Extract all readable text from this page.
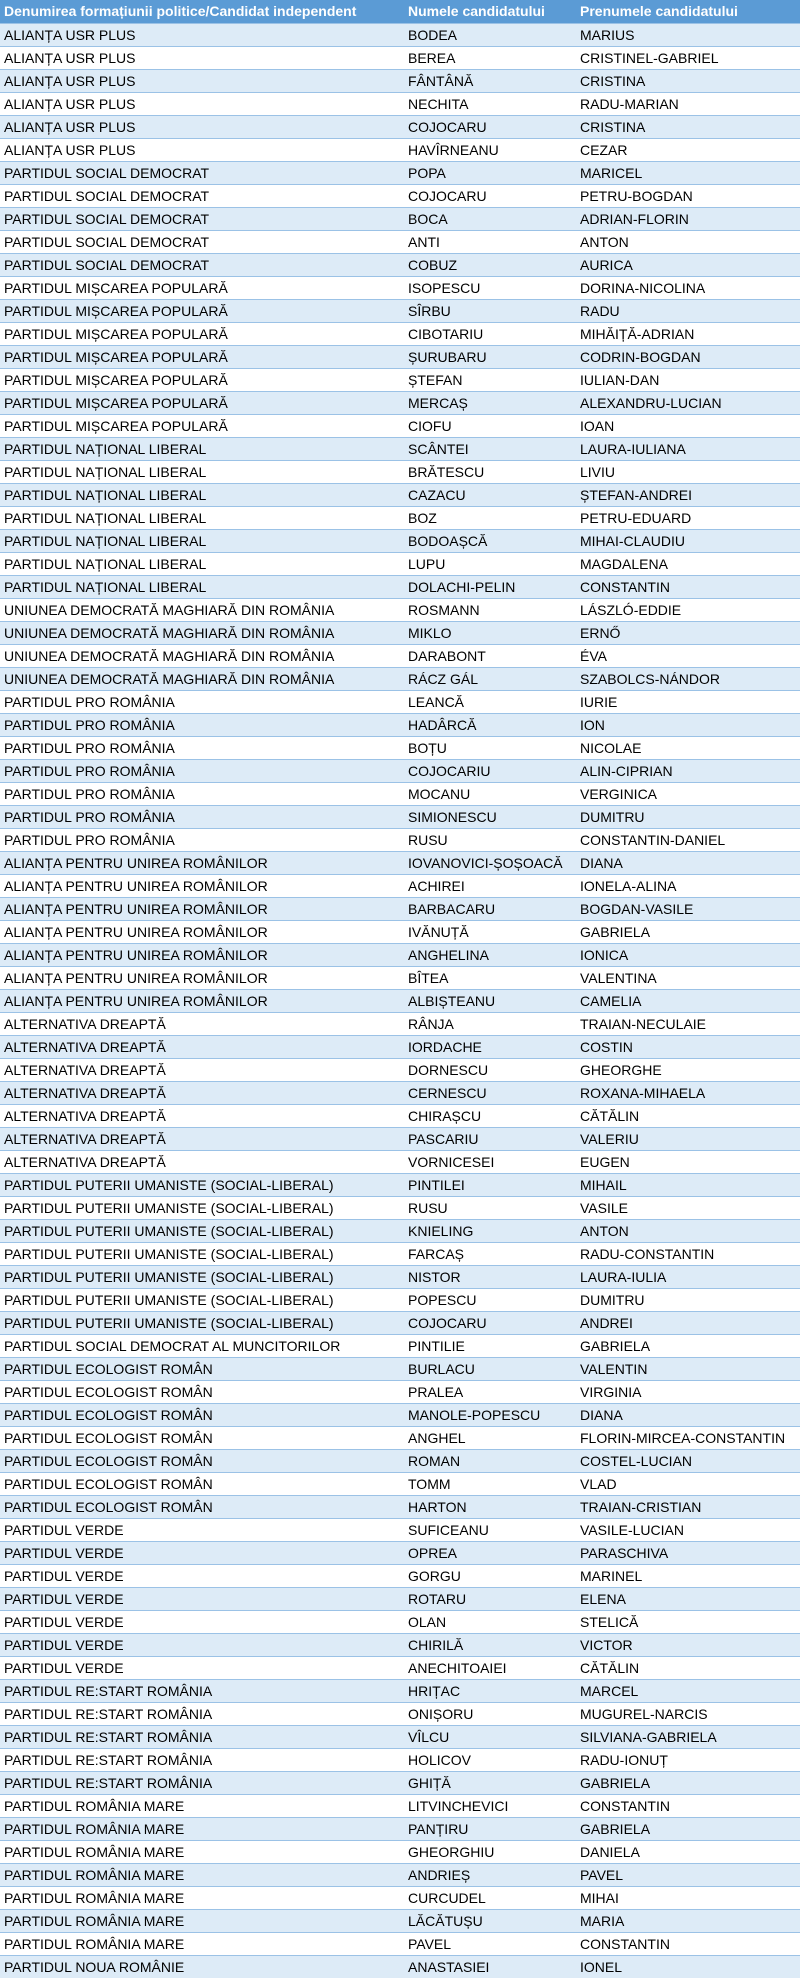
Denumirea formațiunii politice/Candidat independent	Numele candidatului	Prenumele candidatului
ALIANȚA USR PLUS	BODEA	MARIUS
ALIANȚA USR PLUS	BEREA	CRISTINEL-GABRIEL
ALIANȚA USR PLUS	FÂNTÂNĂ	CRISTINA
ALIANȚA USR PLUS	NECHITA	RADU-MARIAN
ALIANȚA USR PLUS	COJOCARU	CRISTINA
ALIANȚA USR PLUS	HAVÎRNEANU	CEZAR
PARTIDUL SOCIAL DEMOCRAT	POPA	MARICEL
PARTIDUL SOCIAL DEMOCRAT	COJOCARU	PETRU-BOGDAN
PARTIDUL SOCIAL DEMOCRAT	BOCA	ADRIAN-FLORIN
PARTIDUL SOCIAL DEMOCRAT	ANTI	ANTON
PARTIDUL SOCIAL DEMOCRAT	COBUZ	AURICA
PARTIDUL MIȘCAREA POPULARĂ	ISOPESCU	DORINA-NICOLINA
PARTIDUL MIȘCAREA POPULARĂ	SÎRBU	RADU
PARTIDUL MIȘCAREA POPULARĂ	CIBOTARIU	MIHĂIȚĂ-ADRIAN
PARTIDUL MIȘCAREA POPULARĂ	ȘURUBARU	CODRIN-BOGDAN
PARTIDUL MIȘCAREA POPULARĂ	ȘTEFAN	IULIAN-DAN
PARTIDUL MIȘCAREA POPULARĂ	MERCAȘ	ALEXANDRU-LUCIAN
PARTIDUL MIȘCAREA POPULARĂ	CIOFU	IOAN
PARTIDUL NAȚIONAL LIBERAL	SCÂNTEI	LAURA-IULIANA
PARTIDUL NAȚIONAL LIBERAL	BRĂTESCU	LIVIU
PARTIDUL NAȚIONAL LIBERAL	CAZACU	ȘTEFAN-ANDREI
PARTIDUL NAȚIONAL LIBERAL	BOZ	PETRU-EDUARD
PARTIDUL NAȚIONAL LIBERAL	BODOAȘCĂ	MIHAI-CLAUDIU
PARTIDUL NAȚIONAL LIBERAL	LUPU	MAGDALENA
PARTIDUL NAȚIONAL LIBERAL	DOLACHI-PELIN	CONSTANTIN
UNIUNEA DEMOCRATĂ MAGHIARĂ DIN ROMÂNIA	ROSMANN	LÁSZLÓ-EDDIE
UNIUNEA DEMOCRATĂ MAGHIARĂ DIN ROMÂNIA	MIKLO	ERNŐ
UNIUNEA DEMOCRATĂ MAGHIARĂ DIN ROMÂNIA	DARABONT	ÉVA
UNIUNEA DEMOCRATĂ MAGHIARĂ DIN ROMÂNIA	RÁCZ GÁL	SZABOLCS-NÁNDOR
PARTIDUL PRO ROMÂNIA	LEANCĂ	IURIE
PARTIDUL PRO ROMÂNIA	HADÂRCĂ	ION
PARTIDUL PRO ROMÂNIA	BOȚU	NICOLAE
PARTIDUL PRO ROMÂNIA	COJOCARIU	ALIN-CIPRIAN
PARTIDUL PRO ROMÂNIA	MOCANU	VERGINICA
PARTIDUL PRO ROMÂNIA	SIMIONESCU	DUMITRU
PARTIDUL PRO ROMÂNIA	RUSU	CONSTANTIN-DANIEL
ALIANȚA PENTRU UNIREA ROMÂNILOR	IOVANOVICI-ȘOȘOACĂ	DIANA
ALIANȚA PENTRU UNIREA ROMÂNILOR	ACHIREI	IONELA-ALINA
ALIANȚA PENTRU UNIREA ROMÂNILOR	BARBACARU	BOGDAN-VASILE
ALIANȚA PENTRU UNIREA ROMÂNILOR	IVĂNUȚĂ	GABRIELA
ALIANȚA PENTRU UNIREA ROMÂNILOR	ANGHELINA	IONICA
ALIANȚA PENTRU UNIREA ROMÂNILOR	BÎTEA	VALENTINA
ALIANȚA PENTRU UNIREA ROMÂNILOR	ALBIȘTEANU	CAMELIA
ALTERNATIVA DREAPTĂ	RÂNJA	TRAIAN-NECULAIE
ALTERNATIVA DREAPTĂ	IORDACHE	COSTIN
ALTERNATIVA DREAPTĂ	DORNESCU	GHEORGHE
ALTERNATIVA DREAPTĂ	CERNESCU	ROXANA-MIHAELA
ALTERNATIVA DREAPTĂ	CHIRAȘCU	CĂTĂLIN
ALTERNATIVA DREAPTĂ	PASCARIU	VALERIU
ALTERNATIVA DREAPTĂ	VORNICESEI	EUGEN
PARTIDUL PUTERII UMANISTE (SOCIAL-LIBERAL)	PINTILEI	MIHAIL
PARTIDUL PUTERII UMANISTE (SOCIAL-LIBERAL)	RUSU	VASILE
PARTIDUL PUTERII UMANISTE (SOCIAL-LIBERAL)	KNIELING	ANTON
PARTIDUL PUTERII UMANISTE (SOCIAL-LIBERAL)	FARCAȘ	RADU-CONSTANTIN
PARTIDUL PUTERII UMANISTE (SOCIAL-LIBERAL)	NISTOR	LAURA-IULIA
PARTIDUL PUTERII UMANISTE (SOCIAL-LIBERAL)	POPESCU	DUMITRU
PARTIDUL PUTERII UMANISTE (SOCIAL-LIBERAL)	COJOCARU	ANDREI
PARTIDUL SOCIAL DEMOCRAT AL MUNCITORILOR	PINTILIE	GABRIELA
PARTIDUL ECOLOGIST ROMÂN	BURLACU	VALENTIN
PARTIDUL ECOLOGIST ROMÂN	PRALEA	VIRGINIA
PARTIDUL ECOLOGIST ROMÂN	MANOLE-POPESCU	DIANA
PARTIDUL ECOLOGIST ROMÂN	ANGHEL	FLORIN-MIRCEA-CONSTANTIN
PARTIDUL ECOLOGIST ROMÂN	ROMAN	COSTEL-LUCIAN
PARTIDUL ECOLOGIST ROMÂN	TOMM	VLAD
PARTIDUL ECOLOGIST ROMÂN	HARTON	TRAIAN-CRISTIAN
PARTIDUL VERDE	SUFICEANU	VASILE-LUCIAN
PARTIDUL VERDE	OPREA	PARASCHIVA
PARTIDUL VERDE	GORGU	MARINEL
PARTIDUL VERDE	ROTARU	ELENA
PARTIDUL VERDE	OLAN	STELICĂ
PARTIDUL VERDE	CHIRILĂ	VICTOR
PARTIDUL VERDE	ANECHITOAIEI	CĂTĂLIN
PARTIDUL RE:START ROMÂNIA	HRIȚAC	MARCEL
PARTIDUL RE:START ROMÂNIA	ONIȘORU	MUGUREL-NARCIS
PARTIDUL RE:START ROMÂNIA	VÎLCU	SILVIANA-GABRIELA
PARTIDUL RE:START ROMÂNIA	HOLICOV	RADU-IONUȚ
PARTIDUL RE:START ROMÂNIA	GHIȚĂ	GABRIELA
PARTIDUL ROMÂNIA MARE	LITVINCHEVICI	CONSTANTIN
PARTIDUL ROMÂNIA MARE	PANȚIRU	GABRIELA
PARTIDUL ROMÂNIA MARE	GHEORGHIU	DANIELA
PARTIDUL ROMÂNIA MARE	ANDRIEȘ	PAVEL
PARTIDUL ROMÂNIA MARE	CURCUDEL	MIHAI
PARTIDUL ROMÂNIA MARE	LĂCĂTUȘU	MARIA
PARTIDUL ROMÂNIA MARE	PAVEL	CONSTANTIN
PARTIDUL NOUA ROMÂNIE	ANASTASIEI	IONEL
